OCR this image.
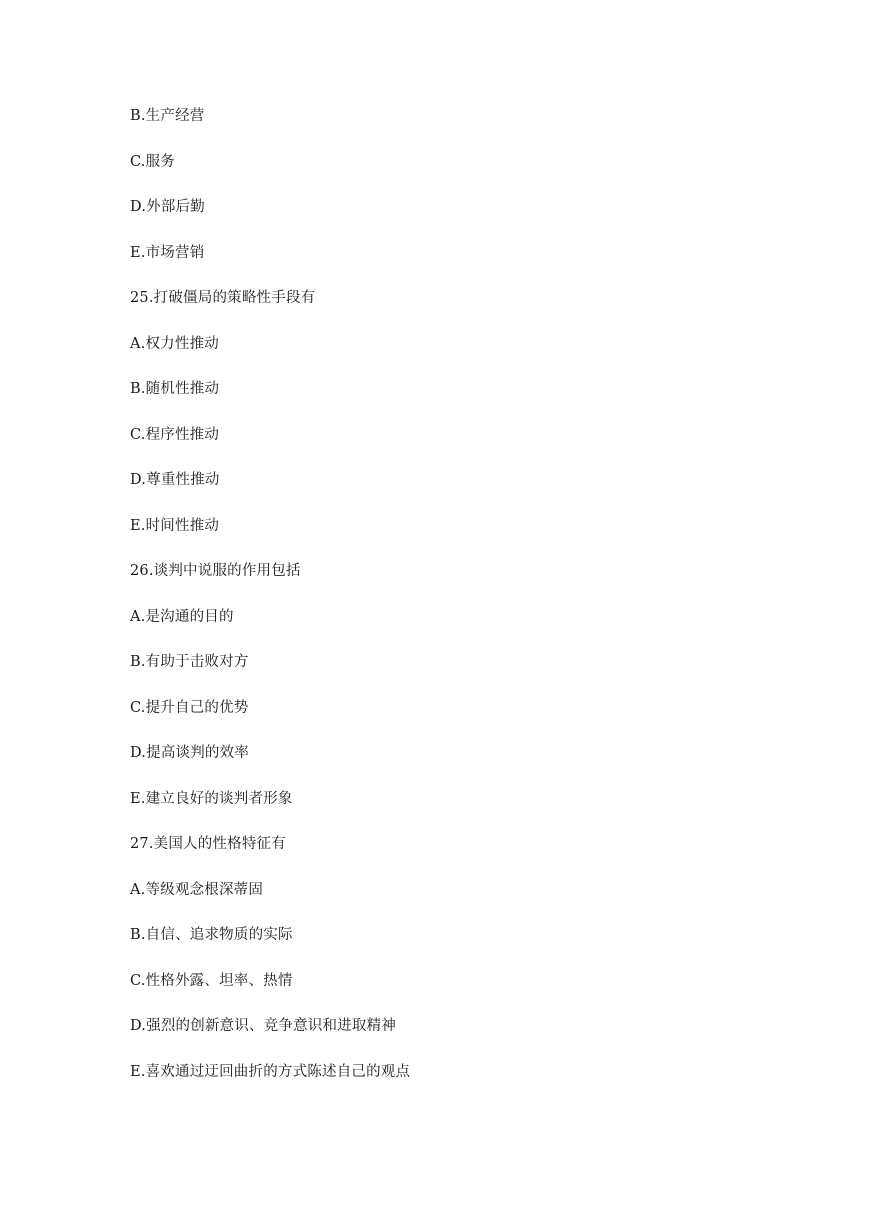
B.生产经营
C.服务
D.外部后勤
E.市场营销
25.打破僵局的策略性手段有
A.权力性推动
B.随机性推动
C.程序性推动
D.尊重性推动
E.时间性推动
26.谈判中说服的作用包括
A.是沟通的目的
B.有助于击败对方
C.提升自己的优势
D.提高谈判的效率
E.建立良好的谈判者形象
27.美国人的性格特征有
A.等级观念根深蒂固
B.自信、追求物质的实际
C.性格外露、坦率、热情
D.强烈的创新意识、竞争意识和进取精神
E.喜欢通过迂回曲折的方式陈述自己的观点
